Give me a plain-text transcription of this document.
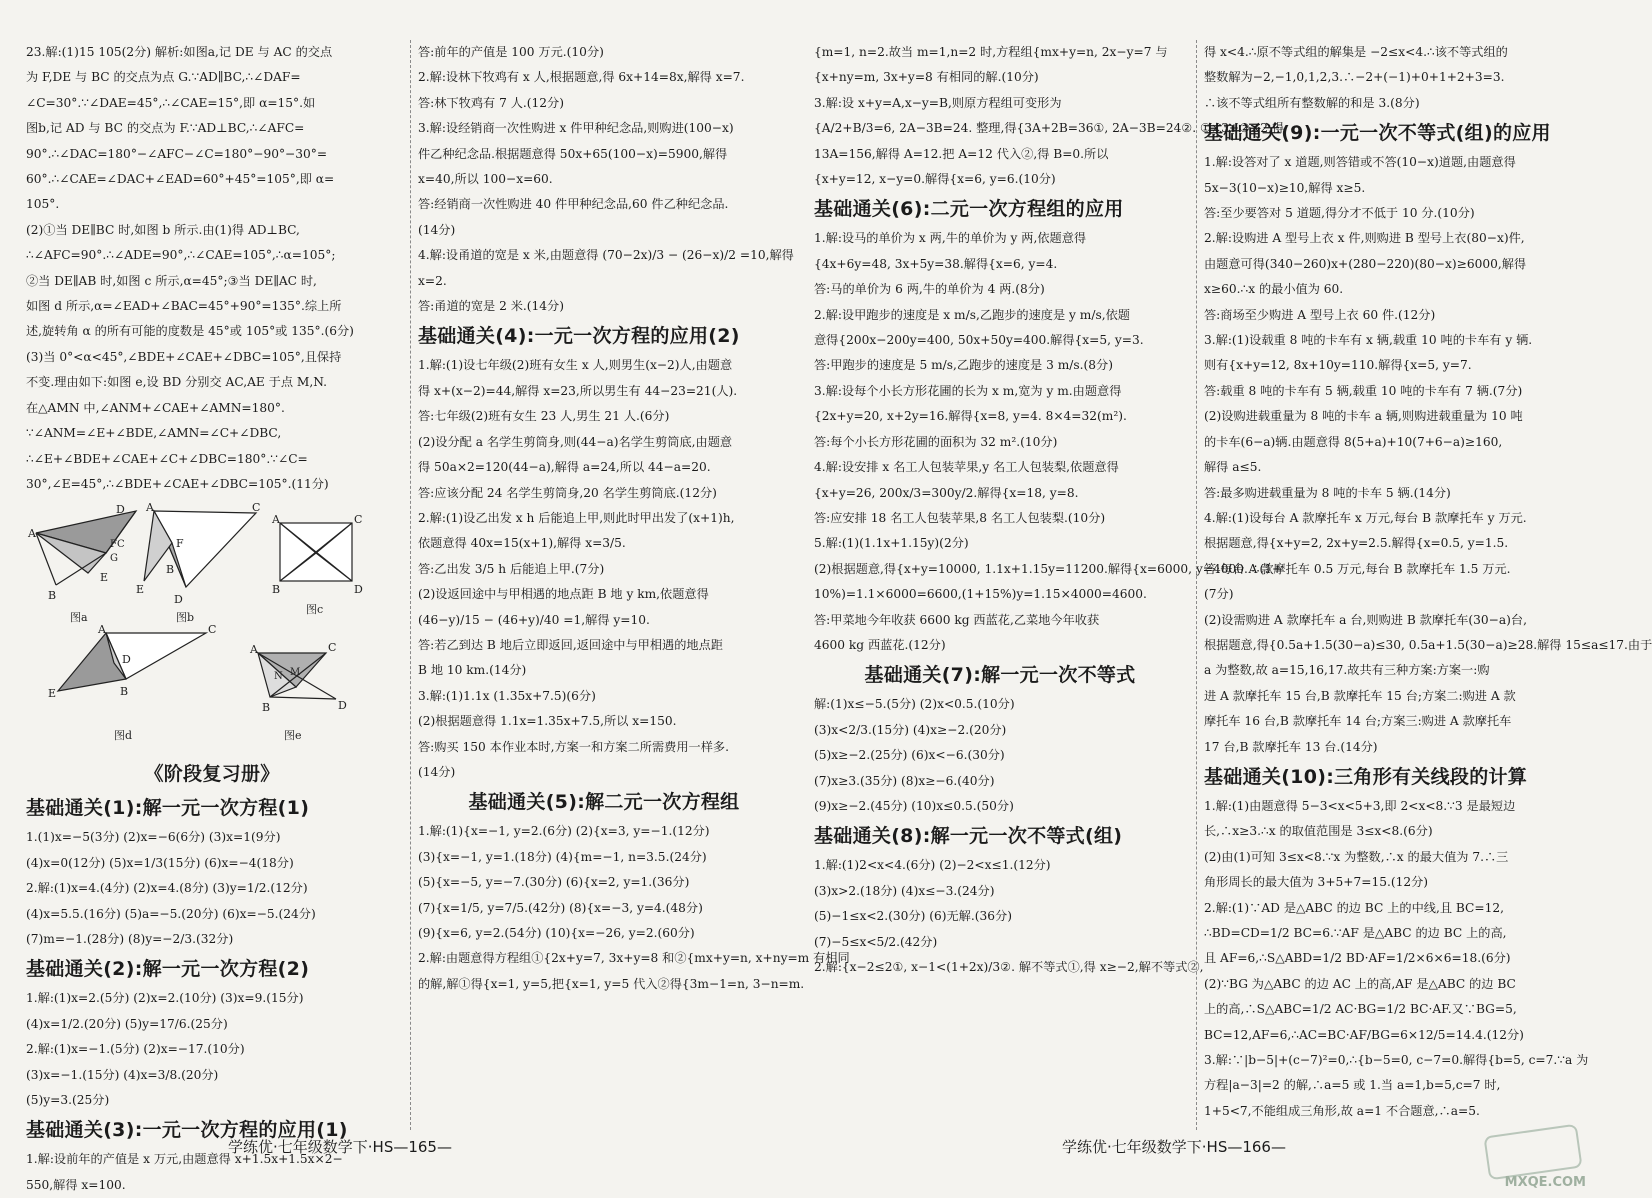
23.解:(1)15 105(2分) 解析:如图a,记 DE 与 AC 的交点
为 F,DE 与 BC 的交点为点 G.∵AD∥BC,∴∠DAF=
∠C=30°.∵∠DAE=45°,∴∠CAE=15°,即 α=15°.如
图b,记 AD 与 BC 的交点为 F.∵AD⊥BC,∴∠AFC=
90°.∴∠DAC=180°−∠AFC−∠C=180°−90°−30°=
60°.∴∠CAE=∠DAC+∠EAD=60°+45°=105°,即 α=
105°.
(2)①当 DE∥BC 时,如图 b 所示.由(1)得 AD⊥BC,
∴∠AFC=90°.∴∠ADE=90°,∴∠CAE=105°,∴α=105°;
②当 DE∥AB 时,如图 c 所示,α=45°;③当 DE∥AC 时,
如图 d 所示,α=∠EAD+∠BAC=45°+90°=135°.综上所
述,旋转角 α 的所有可能的度数是 45°或 105°或 135°.(6分)
(3)当 0°<α<45°,∠BDE+∠CAE+∠DBC=105°,且保持
不变.理由如下:如图 e,设 BD 分别交 AC,AE 于点 M,N.
在△AMN 中,∠ANM+∠CAE+∠AMN=180°.
∵∠ANM=∠E+∠BDE,∠AMN=∠C+∠DBC,
∴∠E+∠BDE+∠CAE+∠C+∠DBC=180°.∵∠C=
30°,∠E=45°,∴∠BDE+∠CAE+∠DBC=105°.(11分)
A
D
FC
G
B
E
图a
A	C
D
F
E
B
图b
A	C
B	D
图c
A	C
B
E
D
图d
A	C
M
N
B	D
图e
《阶段复习册》
基础通关(1):解一元一次方程(1)
1.(1)x=−5(3分) (2)x=−6(6分) (3)x=1(9分)
(4)x=0(12分) (5)x=1/3(15分) (6)x=−4(18分)
2.解:(1)x=4.(4分) (2)x=4.(8分) (3)y=1/2.(12分)
(4)x=5.5.(16分) (5)a=−5.(20分) (6)x=−5.(24分)
(7)m=−1.(28分) (8)y=−2/3.(32分)
基础通关(2):解一元一次方程(2)
1.解:(1)x=2.(5分) (2)x=2.(10分) (3)x=9.(15分)
(4)x=1/2.(20分) (5)y=17/6.(25分)
2.解:(1)x=−1.(5分) (2)x=−17.(10分)
(3)x=−1.(15分) (4)x=3/8.(20分)
(5)y=3.(25分)
基础通关(3):一元一次方程的应用(1)
1.解:设前年的产值是 x 万元,由题意得 x+1.5x+1.5x×2−
550,解得 x=100.
答:前年的产值是 100 万元.(10分)
2.解:设林下牧鸡有 x 人,根据题意,得 6x+14=8x,解得 x=7.
答:林下牧鸡有 7 人.(12分)
3.解:设经销商一次性购进 x 件甲种纪念品,则购进(100−x)
件乙种纪念品.根据题意得 50x+65(100−x)=5900,解得
x=40,所以 100−x=60.
答:经销商一次性购进 40 件甲种纪念品,60 件乙种纪念品.
(14分)
4.解:设甬道的宽是 x 米,由题意得 (70−2x)/3 − (26−x)/2 =10,解得
x=2.
答:甬道的宽是 2 米.(14分)
基础通关(4):一元一次方程的应用(2)
1.解:(1)设七年级(2)班有女生 x 人,则男生(x−2)人,由题意
得 x+(x−2)=44,解得 x=23,所以男生有 44−23=21(人).
答:七年级(2)班有女生 23 人,男生 21 人.(6分)
(2)设分配 a 名学生剪筒身,则(44−a)名学生剪筒底,由题意
得 50a×2=120(44−a),解得 a=24,所以 44−a=20.
答:应该分配 24 名学生剪筒身,20 名学生剪筒底.(12分)
2.解:(1)设乙出发 x h 后能追上甲,则此时甲出发了(x+1)h,
依题意得 40x=15(x+1),解得 x=3/5.
答:乙出发 3/5 h 后能追上甲.(7分)
(2)设返回途中与甲相遇的地点距 B 地 y km,依题意得
(46−y)/15 − (46+y)/40 =1,解得 y=10.
答:若乙到达 B 地后立即返回,返回途中与甲相遇的地点距
B 地 10 km.(14分)
3.解:(1)1.1x (1.35x+7.5)(6分)
(2)根据题意得 1.1x=1.35x+7.5,所以 x=150.
答:购买 150 本作业本时,方案一和方案二所需费用一样多.
(14分)
基础通关(5):解二元一次方程组
1.解:(1){x=−1, y=2.(6分) (2){x=3, y=−1.(12分)
(3){x=−1, y=1.(18分) (4){m=−1, n=3.5.(24分)
(5){x=−5, y=−7.(30分) (6){x=2, y=1.(36分)
(7){x=1/5, y=7/5.(42分) (8){x=−3, y=4.(48分)
(9){x=6, y=2.(54分) (10){x=−26, y=2.(60分)
2.解:由题意得方程组①{2x+y=7, 3x+y=8 和②{mx+y=n, x+ny=m 有相同
的解,解①得{x=1, y=5,把{x=1, y=5 代入②得{3m−1=n, 3−n=m.
学练优·七年级数学下·HS—165—
{m=1, n=2.故当 m=1,n=2 时,方程组{mx+y=n, 2x−y=7 与
{x+ny=m, 3x+y=8 有相同的解.(10分)
3.解:设 x+y=A,x−y=B,则原方程组可变形为
{A/2+B/3=6, 2A−3B=24. 整理,得{3A+2B=36①, 2A−3B=24②. ①×3+②×2,得
13A=156,解得 A=12.把 A=12 代入②,得 B=0.所以
{x+y=12, x−y=0.解得{x=6, y=6.(10分)
基础通关(6):二元一次方程组的应用
1.解:设马的单价为 x 两,牛的单价为 y 两,依题意得
{4x+6y=48, 3x+5y=38.解得{x=6, y=4.
答:马的单价为 6 两,牛的单价为 4 两.(8分)
2.解:设甲跑步的速度是 x m/s,乙跑步的速度是 y m/s,依题
意得{200x−200y=400, 50x+50y=400.解得{x=5, y=3.
答:甲跑步的速度是 5 m/s,乙跑步的速度是 3 m/s.(8分)
3.解:设每个小长方形花圃的长为 x m,宽为 y m.由题意得
{2x+y=20, x+2y=16.解得{x=8, y=4. 8×4=32(m²).
答:每个小长方形花圃的面积为 32 m².(10分)
4.解:设安排 x 名工人包装苹果,y 名工人包装梨,依题意得
{x+y=26, 200x/3=300y/2.解得{x=18, y=8.
答:应安排 18 名工人包装苹果,8 名工人包装梨.(10分)
5.解:(1)(1.1x+1.15y)(2分)
(2)根据题意,得{x+y=10000, 1.1x+1.15y=11200.解得{x=6000, y=4000. ∴(1+
10%)=1.1×6000=6600,(1+15%)y=1.15×4000=4600.
答:甲菜地今年收获 6600 kg 西蓝花,乙菜地今年收获
4600 kg 西蓝花.(12分)
基础通关(7):解一元一次不等式
解:(1)x≤−5.(5分) (2)x<0.5.(10分)
(3)x<2/3.(15分) (4)x≥−2.(20分)
(5)x≥−2.(25分) (6)x<−6.(30分)
(7)x≥3.(35分) (8)x≥−6.(40分)
(9)x≥−2.(45分) (10)x≤0.5.(50分)
基础通关(8):解一元一次不等式(组)
1.解:(1)2<x<4.(6分) (2)−2<x≤1.(12分)
(3)x>2.(18分) (4)x≤−3.(24分)
(5)−1≤x<2.(30分) (6)无解.(36分)
(7)−5≤x<5/2.(42分)
2.解:{x−2≤2①, x−1<(1+2x)/3②. 解不等式①,得 x≥−2,解不等式②,
得 x<4.∴原不等式组的解集是 −2≤x<4.∴该不等式组的
整数解为−2,−1,0,1,2,3.∴−2+(−1)+0+1+2+3=3.
∴该不等式组所有整数解的和是 3.(8分)
基础通关(9):一元一次不等式(组)的应用
1.解:设答对了 x 道题,则答错或不答(10−x)道题,由题意得
5x−3(10−x)≥10,解得 x≥5.
答:至少要答对 5 道题,得分才不低于 10 分.(10分)
2.解:设购进 A 型号上衣 x 件,则购进 B 型号上衣(80−x)件,
由题意可得(340−260)x+(280−220)(80−x)≥6000,解得
x≥60.∴x 的最小值为 60.
答:商场至少购进 A 型号上衣 60 件.(12分)
3.解:(1)设载重 8 吨的卡车有 x 辆,载重 10 吨的卡车有 y 辆.
则有{x+y=12, 8x+10y=110.解得{x=5, y=7.
答:载重 8 吨的卡车有 5 辆,载重 10 吨的卡车有 7 辆.(7分)
(2)设购进载重量为 8 吨的卡车 a 辆,则购进载重量为 10 吨
的卡车(6−a)辆.由题意得 8(5+a)+10(7+6−a)≥160,
解得 a≤5.
答:最多购进载重量为 8 吨的卡车 5 辆.(14分)
4.解:(1)设每台 A 款摩托车 x 万元,每台 B 款摩托车 y 万元.
根据题意,得{x+y=2, 2x+y=2.5.解得{x=0.5, y=1.5.
答:每台 A 款摩托车 0.5 万元,每台 B 款摩托车 1.5 万元.
(7分)
(2)设需购进 A 款摩托车 a 台,则购进 B 款摩托车(30−a)台,
根据题意,得{0.5a+1.5(30−a)≤30, 0.5a+1.5(30−a)≥28.解得 15≤a≤17.由于
a 为整数,故 a=15,16,17.故共有三种方案:方案一:购
进 A 款摩托车 15 台,B 款摩托车 15 台;方案二:购进 A 款
摩托车 16 台,B 款摩托车 14 台;方案三:购进 A 款摩托车
17 台,B 款摩托车 13 台.(14分)
基础通关(10):三角形有关线段的计算
1.解:(1)由题意得 5−3<x<5+3,即 2<x<8.∵3 是最短边
长,∴x≥3.∴x 的取值范围是 3≤x<8.(6分)
(2)由(1)可知 3≤x<8.∵x 为整数,∴x 的最大值为 7.∴三
角形周长的最大值为 3+5+7=15.(12分)
2.解:(1)∵AD 是△ABC 的边 BC 上的中线,且 BC=12,
∴BD=CD=1/2 BC=6.∵AF 是△ABC 的边 BC 上的高,
且 AF=6,∴S△ABD=1/2 BD·AF=1/2×6×6=18.(6分)
(2)∵BG 为△ABC 的边 AC 上的高,AF 是△ABC 的边 BC
上的高,∴S△ABC=1/2 AC·BG=1/2 BC·AF.又∵BG=5,
BC=12,AF=6,∴AC=BC·AF/BG=6×12/5=14.4.(12分)
3.解:∵|b−5|+(c−7)²=0,∴{b−5=0, c−7=0.解得{b=5, c=7.∵a 为
方程|a−3|=2 的解,∴a=5 或 1.当 a=1,b=5,c=7 时,
1+5<7,不能组成三角形,故 a=1 不合题意,∴a=5.
学练优·七年级数学下·HS—166—
MXQE.COM
